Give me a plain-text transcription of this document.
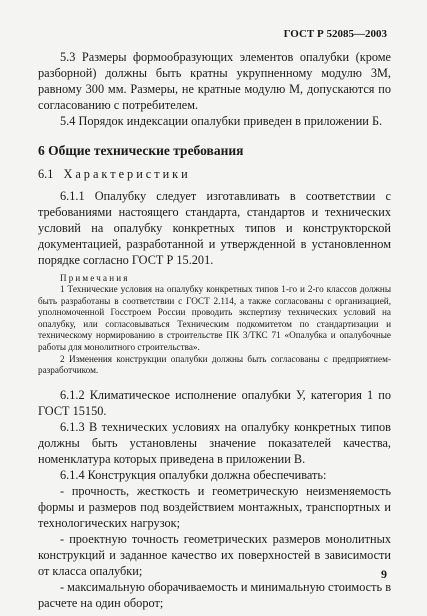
ГОСТ Р 52085—2003

5.3 Размеры формообразующих элементов опалубки (кроме разборной) должны быть кратны укрупненному модулю 3М, равному 300 мм. Размеры, не кратные модулю М, допускаются по согласованию с потребителем.

5.4 Порядок индексации опалубки приведен в приложении Б.

6 Общие технические требования

6.1 Характеристики

6.1.1 Опалубку следует изготавливать в соответствии с требованиями настоящего стандарта, стандартов и технических условий на опалубку конкретных типов и конструкторской документацией, разработанной и утвержденной в установленном порядке согласно ГОСТ Р 15.201.

Примечания

1 Технические условия на опалубку конкретных типов 1-го и 2-го классов должны быть разработаны в соответствии с ГОСТ 2.114, а также согласованы с организацией, уполномоченной Госстроем России проводить экспертизу технических условий на опалубку, или согласовываться Техническим подкомитетом по стандартизации и техническому нормированию в строительстве ПК 3/ТКС 71 «Опалубка и опалубочные работы для монолитного строительства».

2 Изменения конструкции опалубки должны быть согласованы с предприятием-разработчиком.

6.1.2 Климатическое исполнение опалубки У, категория 1 по ГОСТ 15150.

6.1.3 В технических условиях на опалубку конкретных типов должны быть установлены значение показателей качества, номенклатура которых приведена в приложении В.

6.1.4 Конструкция опалубки должна обеспечивать:

- прочность, жесткость и геометрическую неизменяемость формы и размеров под воздействием монтажных, транспортных и технологических нагрузок;

- проектную точность геометрических размеров монолитных конструкций и заданное качество их поверхностей в зависимости от класса опалубки;

- максимальную оборачиваемость и минимальную стоимость в расчете на один оборот;

9
